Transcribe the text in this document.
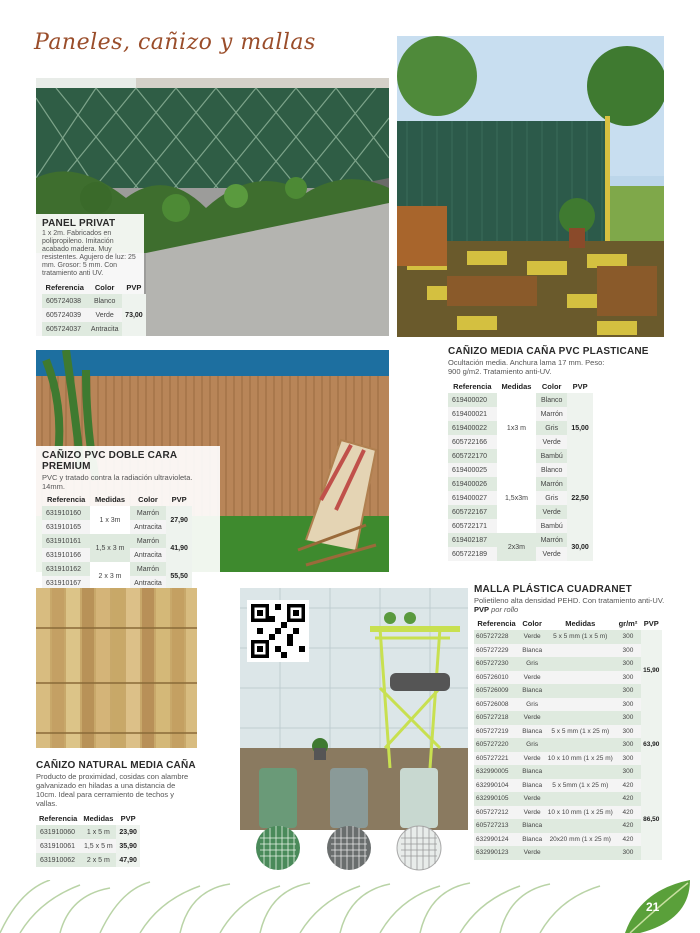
Paneles, cañizo y mallas
PANEL PRIVAT
1 x 2m. Fabricados en polipropileno. Imitación acabado madera. Muy resistentes. Agujero de luz: 25 mm. Grosor: 5 mm. Con tratamiento anti UV.
Referencia	Color	PVP
605724038	Blanco	73,00
605724039	Verde	
605724037	Antracita	
CAÑIZO MEDIA CAÑA PVC PLASTICANE
Ocultación media. Anchura lama 17 mm. Peso: 900 g/m2. Tratamiento anti-UV.
Referencia	Medidas	Color	PVP
619400020	1x3 m	Blanco	15,00
619400021		Marrón	
619400022		Gris	
605722166		Verde	
605722170		Bambú	
619400025	1,5x3m	Blanco	22,50
619400026		Marrón	
619400027		Gris	
605722167		Verde	
605722171		Bambú	
619402187	2x3m	Marrón	30,00
605722189		Verde	
CAÑIZO PVC DOBLE CARA PREMIUM
PVC y tratado contra la radiación ultravioleta. 14mm.
Referencia	Medidas	Color	PVP
631910160	1 x 3m	Marrón	27,90
631910165		Antracita	
631910161	1,5 x 3 m	Marrón	41,90
631910166		Antracita	
631910162	2 x 3 m	Marrón	55,50
631910167		Antracita	
CAÑIZO NATURAL MEDIA CAÑA
Producto de proximidad, cosidas con alambre galvanizado en hiladas a una distancia de 10cm. Ideal para cerramiento de techos y vallas.
Referencia	Medidas	PVP
631910060	1 x 5 m	23,90
631910061	1,5 x 5 m	35,90
631910062	2 x 5 m	47,90
MALLA PLÁSTICA CUADRANET
Polietileno alta densidad PEHD. Con tratamiento anti-UV.
PVP por rollo
Referencia	Color	Medidas	gr/m²	PVP
605727228	Verde	5 x 5 mm (1 x 5 m)	300	15,90
605727229	Blanca		300	
605727230	Gris		300	
605726010	Verde		300	
605726009	Blanca		300	
605726008	Gris		300	
605727218	Verde		300	63,90
605727219	Blanca	5 x 5 mm (1 x 25 m)	300	
605727220	Gris		300	
605727221	Verde	10 x 10 mm (1 x 25 m)	300	
632990005	Blanca		300	
632990104	Blanca	5 x 5mm (1 x 25 m)	420	86,50
632990105	Verde		420	
605727212	Verde	10 x 10 mm (1 x 25 m)	420	
605727213	Blanca		420	
632990124	Blanca	20x20 mm (1 x 25 m)	420	
632990123	Verde		300	
21
